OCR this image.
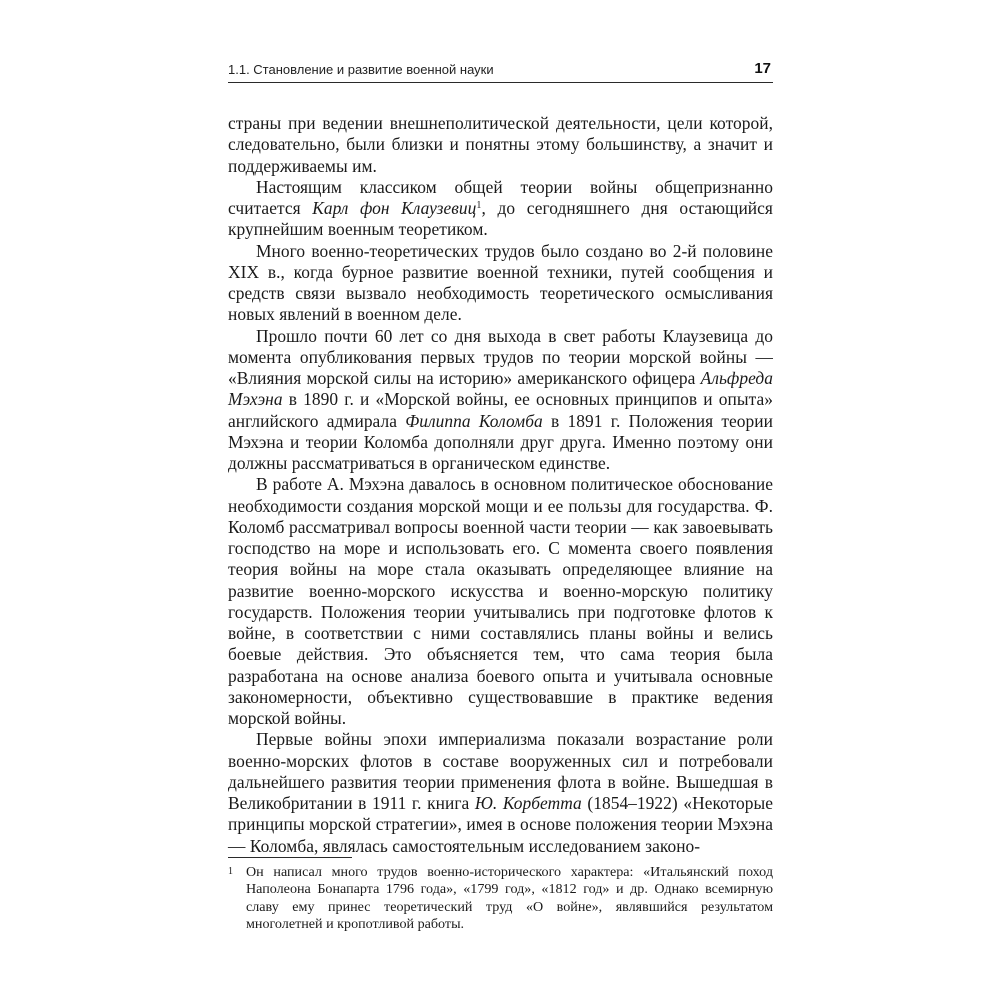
1.1. Становление и развитие военной науки	17

страны при ведении внешнеполитической деятельности, цели которой, следовательно, были близки и понятны этому большинству, а значит и поддерживаемы им.

Настоящим классиком общей теории войны общепризнанно считается Карл фон Клаузевиц$^1$, до сегодняшнего дня остающийся крупнейшим военным теоретиком.

Много военно-теоретических трудов было создано во 2-й половине XIX в., когда бурное развитие военной техники, путей сообщения и средств связи вызвало необходимость теоретического осмысливания новых явлений в военном деле.

Прошло почти 60 лет со дня выхода в свет работы Клаузевица до момента опубликования первых трудов по теории морской войны — «Влияния морской силы на историю» американского офицера Альфреда Мэхэна в 1890 г. и «Морской войны, ее основных принципов и опыта» английского адмирала Филиппа Коломба в 1891 г. Положения теории Мэхэна и теории Коломба дополняли друг друга. Именно поэтому они должны рассматриваться в органическом единстве.

В работе А. Мэхэна давалось в основном политическое обоснование необходимости создания морской мощи и ее пользы для государства. Ф. Коломб рассматривал вопросы военной части теории — как завоевывать господство на море и использовать его. С момента своего появления теория войны на море стала оказывать определяющее влияние на развитие военно-морского искусства и военно-морскую политику государств. Положения теории учитывались при подготовке флотов к войне, в соответствии с ними составлялись планы войны и велись боевые действия. Это объясняется тем, что сама теория была разработана на основе анализа боевого опыта и учитывала основные закономерности, объективно существовавшие в практике ведения морской войны.

Первые войны эпохи империализма показали возрастание роли военно-морских флотов в составе вооруженных сил и потребовали дальнейшего развития теории применения флота в войне. Вышедшая в Великобритании в 1911 г. книга Ю. Корбетта (1854–1922) «Некоторые принципы морской стратегии», имея в основе положения теории Мэхэна — Коломба, являлась самостоятельным исследованием законо-

1 Он написал много трудов военно-исторического характера: «Итальянский поход Наполеона Бонапарта 1796 года», «1799 год», «1812 год» и др. Однако всемирную славу ему принес теоретический труд «О войне», являвшийся результатом многолетней и кропотливой работы.
